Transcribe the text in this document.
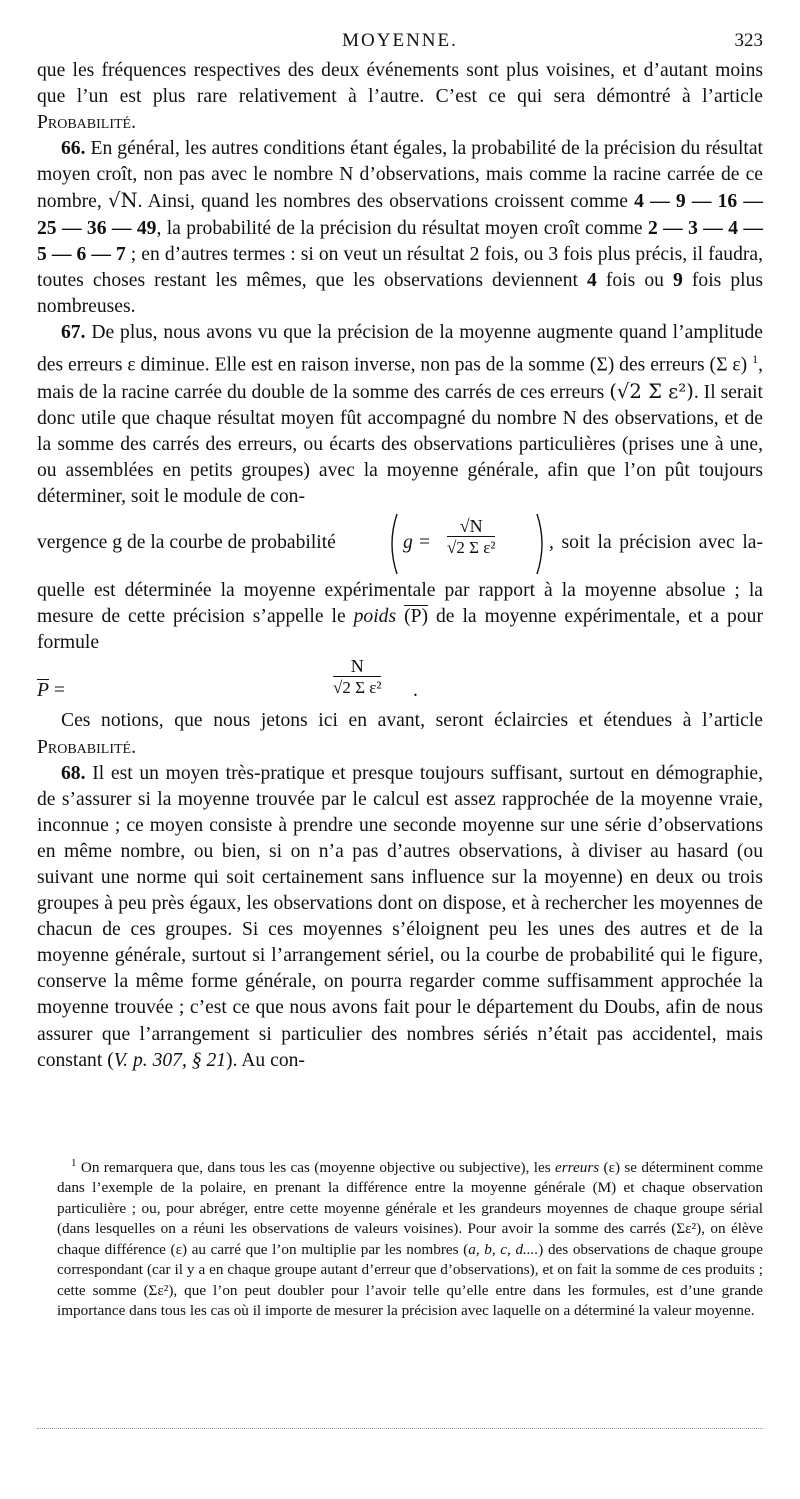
MOYENNE.	323

que les fréquences respectives des deux événements sont plus voisines, et d’autant moins que l’un est plus rare relativement à l’autre. C’est ce qui sera démontré à l’article Probabilité.

66. En général, les autres conditions étant égales, la probabilité de la précision du résultat moyen croît, non pas avec le nombre N d’observations, mais comme la racine carrée de ce nombre, √N. Ainsi, quand les nombres des observations croissent comme 4 — 9 — 16 — 25 — 36 — 49, la probabilité de la précision du résultat moyen croît comme 2 — 3 — 4 — 5 — 6 — 7 ; en d’autres termes : si on veut un résultat 2 fois, ou 3 fois plus précis, il faudra, toutes choses restant les mêmes, que les observations deviennent 4 fois ou 9 fois plus nombreuses.

67. De plus, nous avons vu que la précision de la moyenne augmente quand l’amplitude des erreurs ε diminue. Elle est en raison inverse, non pas de la somme (Σ) des erreurs (Σ ε) $^1$, mais de la racine carrée du double de la somme des carrés de ces erreurs (√2 Σ ε²). Il serait donc utile que chaque résultat moyen fût accompagné du nombre N des observations, et de la somme des carrés des erreurs, ou écarts des observations particulières (prises une à une, ou assemblées en petits groupes) avec la moyenne générale, afin que l’on pût toujours déterminer, soit le module de con-

vergence g de la courbe de probabilité	$g = \frac{√N}{\text{√2 Σ ε²}}$	, soit la précision avec la-

quelle est déterminée la moyenne expérimentale par rapport à la moyenne absolue ; la mesure de cette précision s’appelle le poids (P) de la moyenne expérimentale, et a pour formule

$\overline{P}$ =	$\frac{N}{\text{√2 Σ ε²}}$ .

Ces notions, que nous jetons ici en avant, seront éclaircies et étendues à l’article Probabilité.

68. Il est un moyen très-pratique et presque toujours suffisant, surtout en démographie, de s’assurer si la moyenne trouvée par le calcul est assez rapprochée de la moyenne vraie, inconnue ; ce moyen consiste à prendre une seconde moyenne sur une série d’observations en même nombre, ou bien, si on n’a pas d’autres observations, à diviser au hasard (ou suivant une norme qui soit certainement sans influence sur la moyenne) en deux ou trois groupes à peu près égaux, les observations dont on dispose, et à rechercher les moyennes de chacun de ces groupes. Si ces moyennes s’éloignent peu les unes des autres et de la moyenne générale, surtout si l’arrangement sériel, ou la courbe de probabilité qui le figure, conserve la même forme générale, on pourra regarder comme suffisamment approchée la moyenne trouvée ; c’est ce que nous avons fait pour le département du Doubs, afin de nous assurer que l’arrangement si particulier des nombres sériés n’était pas accidentel, mais constant (V. p. 307, § 21). Au con-

$^1$ On remarquera que, dans tous les cas (moyenne objective ou subjective), les erreurs (ε) se déterminent comme dans l’exemple de la polaire, en prenant la différence entre la moyenne générale (M) et chaque observation particulière ; ou, pour abréger, entre cette moyenne générale et les grandeurs moyennes de chaque groupe sérial (dans lesquelles on a réuni les observations de valeurs voisines). Pour avoir la somme des carrés (Σε²), on élève chaque différence (ε) au carré que l’on multiplie par les nombres (a, b, c, d....) des observations de chaque groupe correspondant (car il y a en chaque groupe autant d’erreur que d’observations), et on fait la somme de ces produits ; cette somme (Σε²), que l’on peut doubler pour l’avoir telle qu’elle entre dans les formules, est d’une grande importance dans tous les cas où il importe de mesurer la précision avec laquelle on a déterminé la valeur moyenne.
